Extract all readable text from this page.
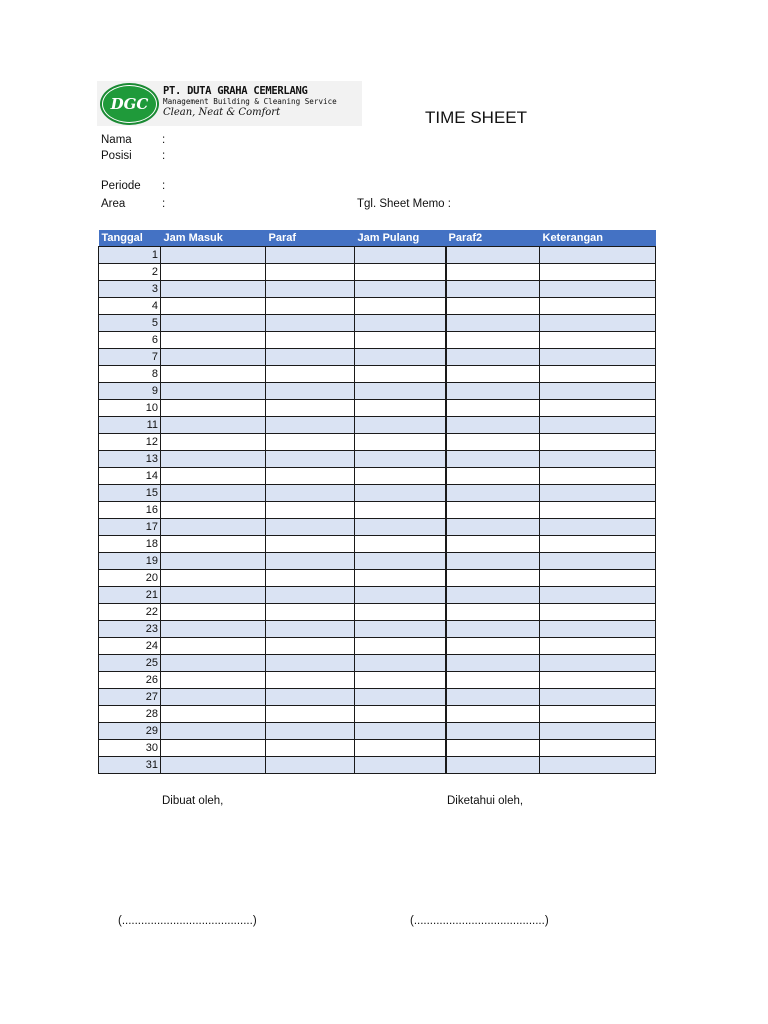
DGC
PT. DUTA GRAHA CEMERLANG
Management Building & Cleaning Service
Clean, Neat & Comfort	TIME SHEET
Nama	:
Posisi	:
Periode :
Area	:	Tgl. Sheet Memo :
Tanggal	Jam Masuk	Paraf	Jam Pulang	Paraf2	Keterangan
1					
2					
3					
4					
5					
6					
7					
8					
9					
10					
11					
12					
13					
14					
15					
16					
17					
18					
19					
20					
21					
22					
23					
24					
25					
26					
27					
28					
29					
30					
31					
Dibuat oleh,	Diketahui oleh,
(.........................................)	(.........................................)
